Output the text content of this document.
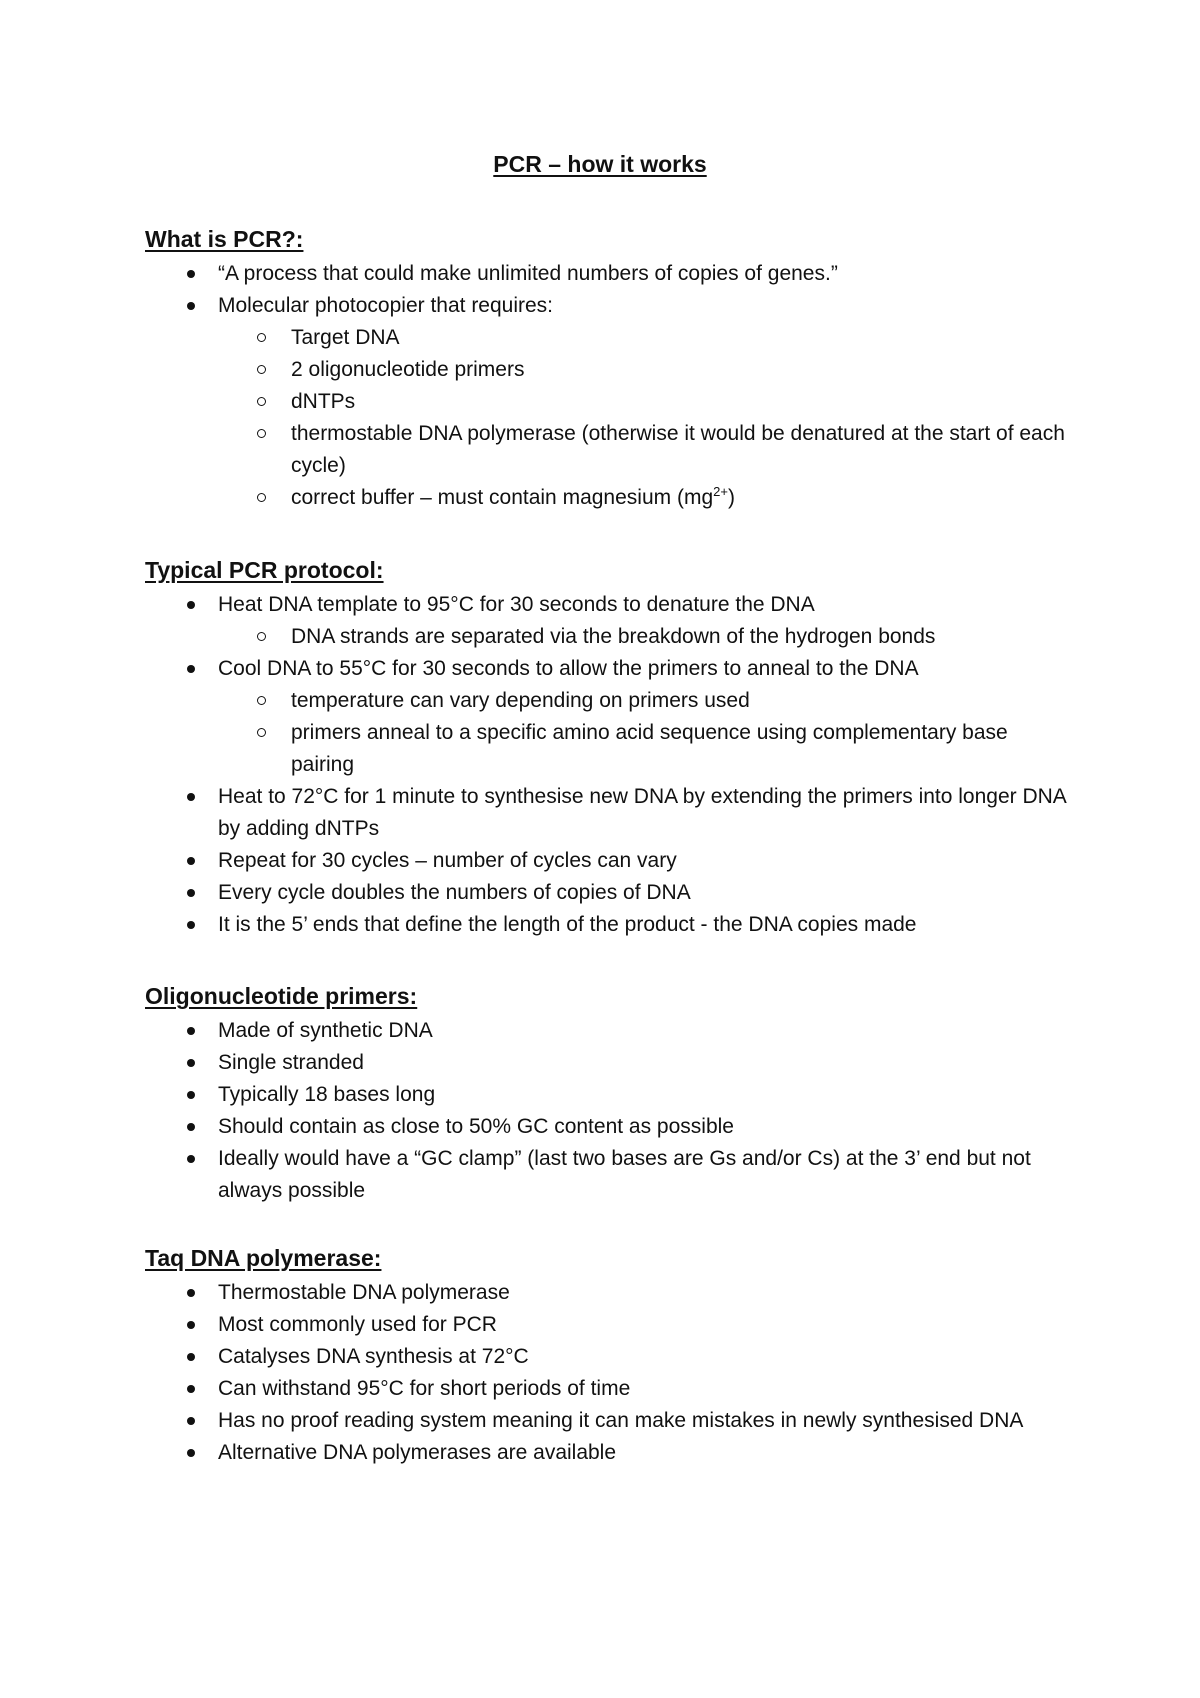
PCR – how it works
What is PCR?:
“A process that could make unlimited numbers of copies of genes.”
Molecular photocopier that requires:
Target DNA
2 oligonucleotide primers
dNTPs
thermostable DNA polymerase (otherwise it would be denatured at the start of each cycle)
correct buffer – must contain magnesium $(mg^{2+})$
Typical PCR protocol:
Heat DNA template to 95°C for 30 seconds to denature the DNA
DNA strands are separated via the breakdown of the hydrogen bonds
Cool DNA to 55°C for 30 seconds to allow the primers to anneal to the DNA
temperature can vary depending on primers used
primers anneal to a specific amino acid sequence using complementary base pairing
Heat to 72°C for 1 minute to synthesise new DNA by extending the primers into longer DNA by adding dNTPs
Repeat for 30 cycles – number of cycles can vary
Every cycle doubles the numbers of copies of DNA
It is the 5’ ends that define the length of the product - the DNA copies made
Oligonucleotide primers:
Made of synthetic DNA
Single stranded
Typically 18 bases long
Should contain as close to 50% GC content as possible
Ideally would have a “GC clamp” (last two bases are Gs and/or Cs) at the 3’ end but not always possible
Taq DNA polymerase:
Thermostable DNA polymerase
Most commonly used for PCR
Catalyses DNA synthesis at 72°C
Can withstand 95°C for short periods of time
Has no proof reading system meaning it can make mistakes in newly synthesised DNA
Alternative DNA polymerases are available
